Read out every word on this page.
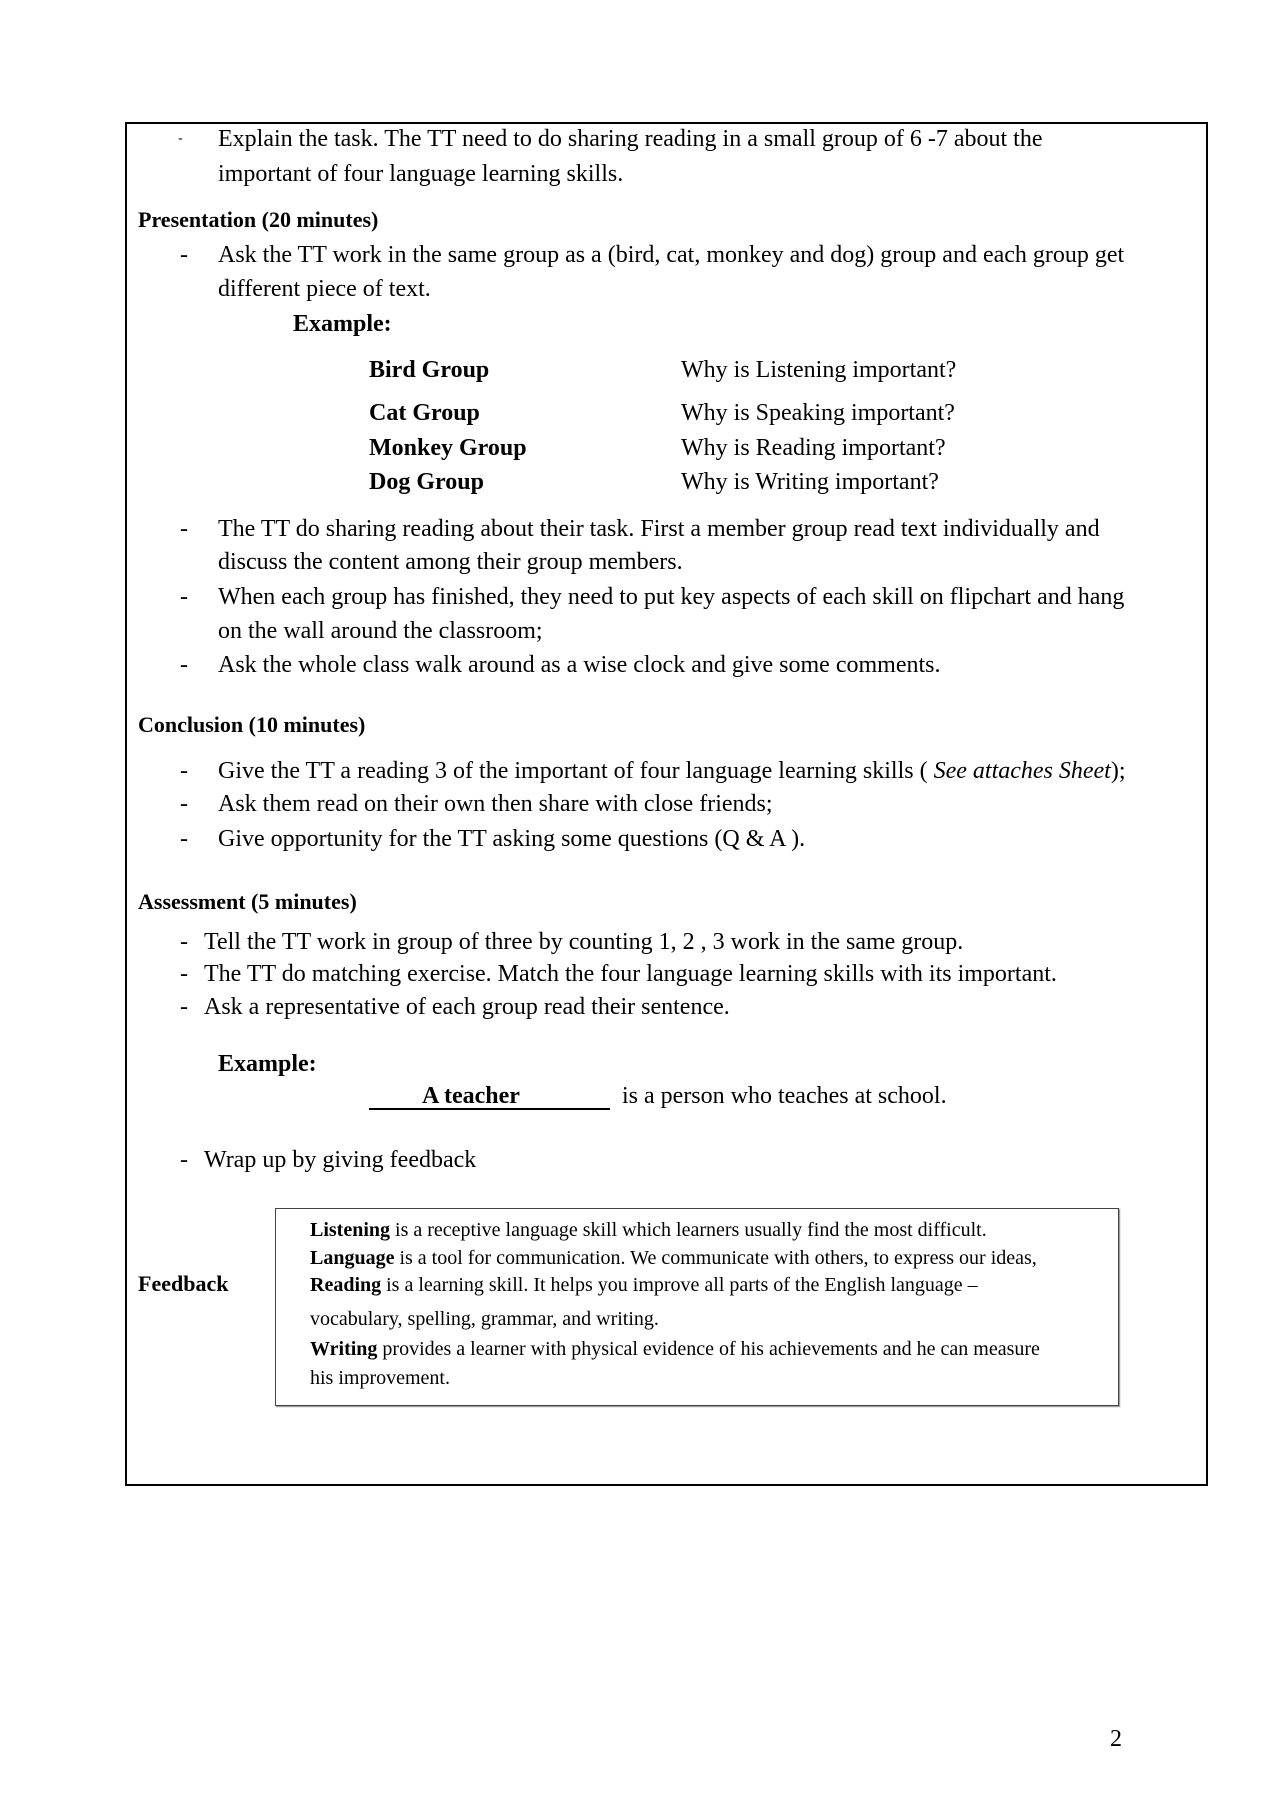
- Explain the task. The TT need to do sharing reading in a small group of 6 -7 about the
important of four language learning skills.
Presentation (20 minutes)
- Ask the TT work in the same group as a (bird, cat, monkey and dog) group and each group get
different piece of text.
Example:
Bird Group	Why is Listening important?
Cat Group	Why is Speaking important?
Monkey Group	Why is Reading important?
Dog Group	Why is Writing important?
- The TT do sharing reading about their task. First a member group read text individually and
discuss the content among their group members.
- When each group has finished, they need to put key aspects of each skill on flipchart and hang
on the wall around the classroom;
- Ask the whole class walk around as a wise clock and give some comments.
Conclusion (10 minutes)
- Give the TT a reading 3 of the important of four language learning skills ( See attaches Sheet);
- Ask them read on their own then share with close friends;
- Give opportunity for the TT asking some questions (Q & A ).
Assessment (5 minutes)
- Tell the TT work in group of three by counting 1, 2 , 3 work in the same group.
- The TT do matching exercise. Match the four language learning skills with its important.
- Ask a representative of each group read their sentence.
Example:
A teacher	is a person who teaches at school.
- Wrap up by giving feedback
Feedback
Listening is a receptive language skill which learners usually find the most difficult.
Language is a tool for communication. We communicate with others, to express our ideas,
Reading is a learning skill. It helps you improve all parts of the English language –
vocabulary, spelling, grammar, and writing.
Writing provides a learner with physical evidence of his achievements and he can measure
his improvement.
2
